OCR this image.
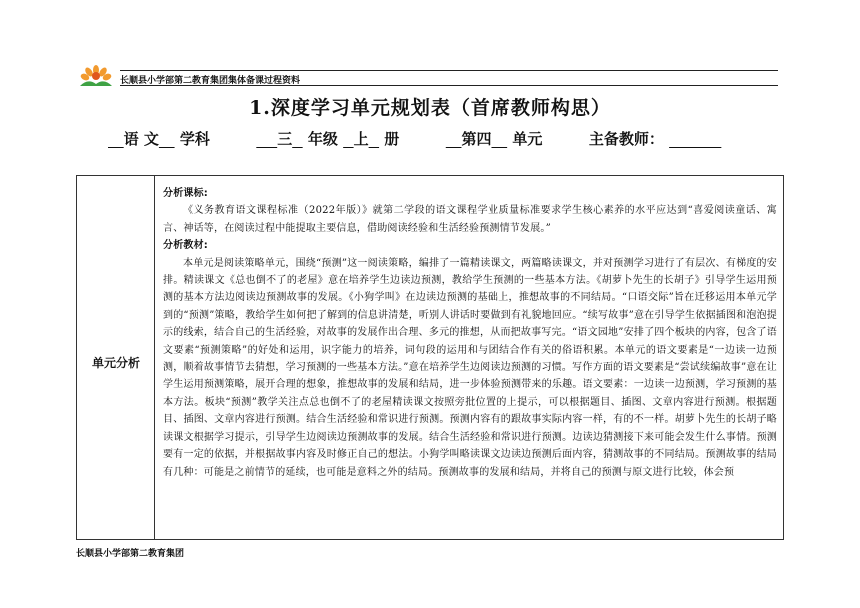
长顺县小学部第二教育集团集体备课过程资料
1.深度学习单元规划表（首席教师构思）
语 文 学科	三 年级 上 册	第四 单元	主备教师：
单元分析

分析课标:

《义务教育语文课程标准（2022年版）》就第二学段的语文课程学业质量标准要求学生核心素养的水平应达到“喜爱阅读童话、寓言、神话等，在阅读过程中能提取主要信息，借助阅读经验和生活经验预测情节发展。”

分析教材:

本单元是阅读策略单元，围绕“预测”这一阅读策略，编排了一篇精读课文，两篇略读课文，并对预测学习进行了有层次、有梯度的安排。精读课文《总也倒不了的老屋》意在培养学生边读边预测，教给学生预测的一些基本方法。《胡萝卜先生的长胡子》引导学生运用预测的基本方法边阅读边预测故事的发展。《小狗学叫》在边读边预测的基础上，推想故事的不同结局。“口语交际”旨在迁移运用本单元学到的“预测”策略，教给学生如何把了解到的信息讲清楚，听别人讲话时要做到有礼貌地回应。“续写故事”意在引导学生依据插图和泡泡提示的线索，结合自己的生活经验，对故事的发展作出合理、多元的推想，从而把故事写完。“语文园地”安排了四个板块的内容，包含了语文要素“预测策略”的好处和运用，识字能力的培养，词句段的运用和与团结合作有关的俗语积累。本单元的语文要素是“一边读一边预测，顺着故事情节去猜想，学习预测的一些基本方法。”意在培养学生边阅读边预测的习惯。写作方面的语文要素是“尝试续编故事”意在让学生运用预测策略，展开合理的想象，推想故事的发展和结局，进一步体验预测带来的乐趣。语文要素：一边读一边预测，学习预测的基本方法。板块“预测”教学关注点总也倒不了的老屋精读课文按照旁批位置的上提示，可以根据题目、插图、文章内容进行预测。根据题目、插图、文章内容进行预测。结合生活经验和常识进行预测。预测内容有的跟故事实际内容一样，有的不一样。胡萝卜先生的长胡子略读课文根据学习提示，引导学生边阅读边预测故事的发展。结合生活经验和常识进行预测。边读边猜测接下来可能会发生什么事情。预测要有一定的依据，并根据故事内容及时修正自己的想法。小狗学叫略读课文边读边预测后面内容，猜测故事的不同结局。预测故事的结局有几种：可能是之前情节的延续，也可能是意料之外的结局。预测故事的发展和结局，并将自己的预测与原文进行比较，体会预

长顺县小学部第二教育集团
